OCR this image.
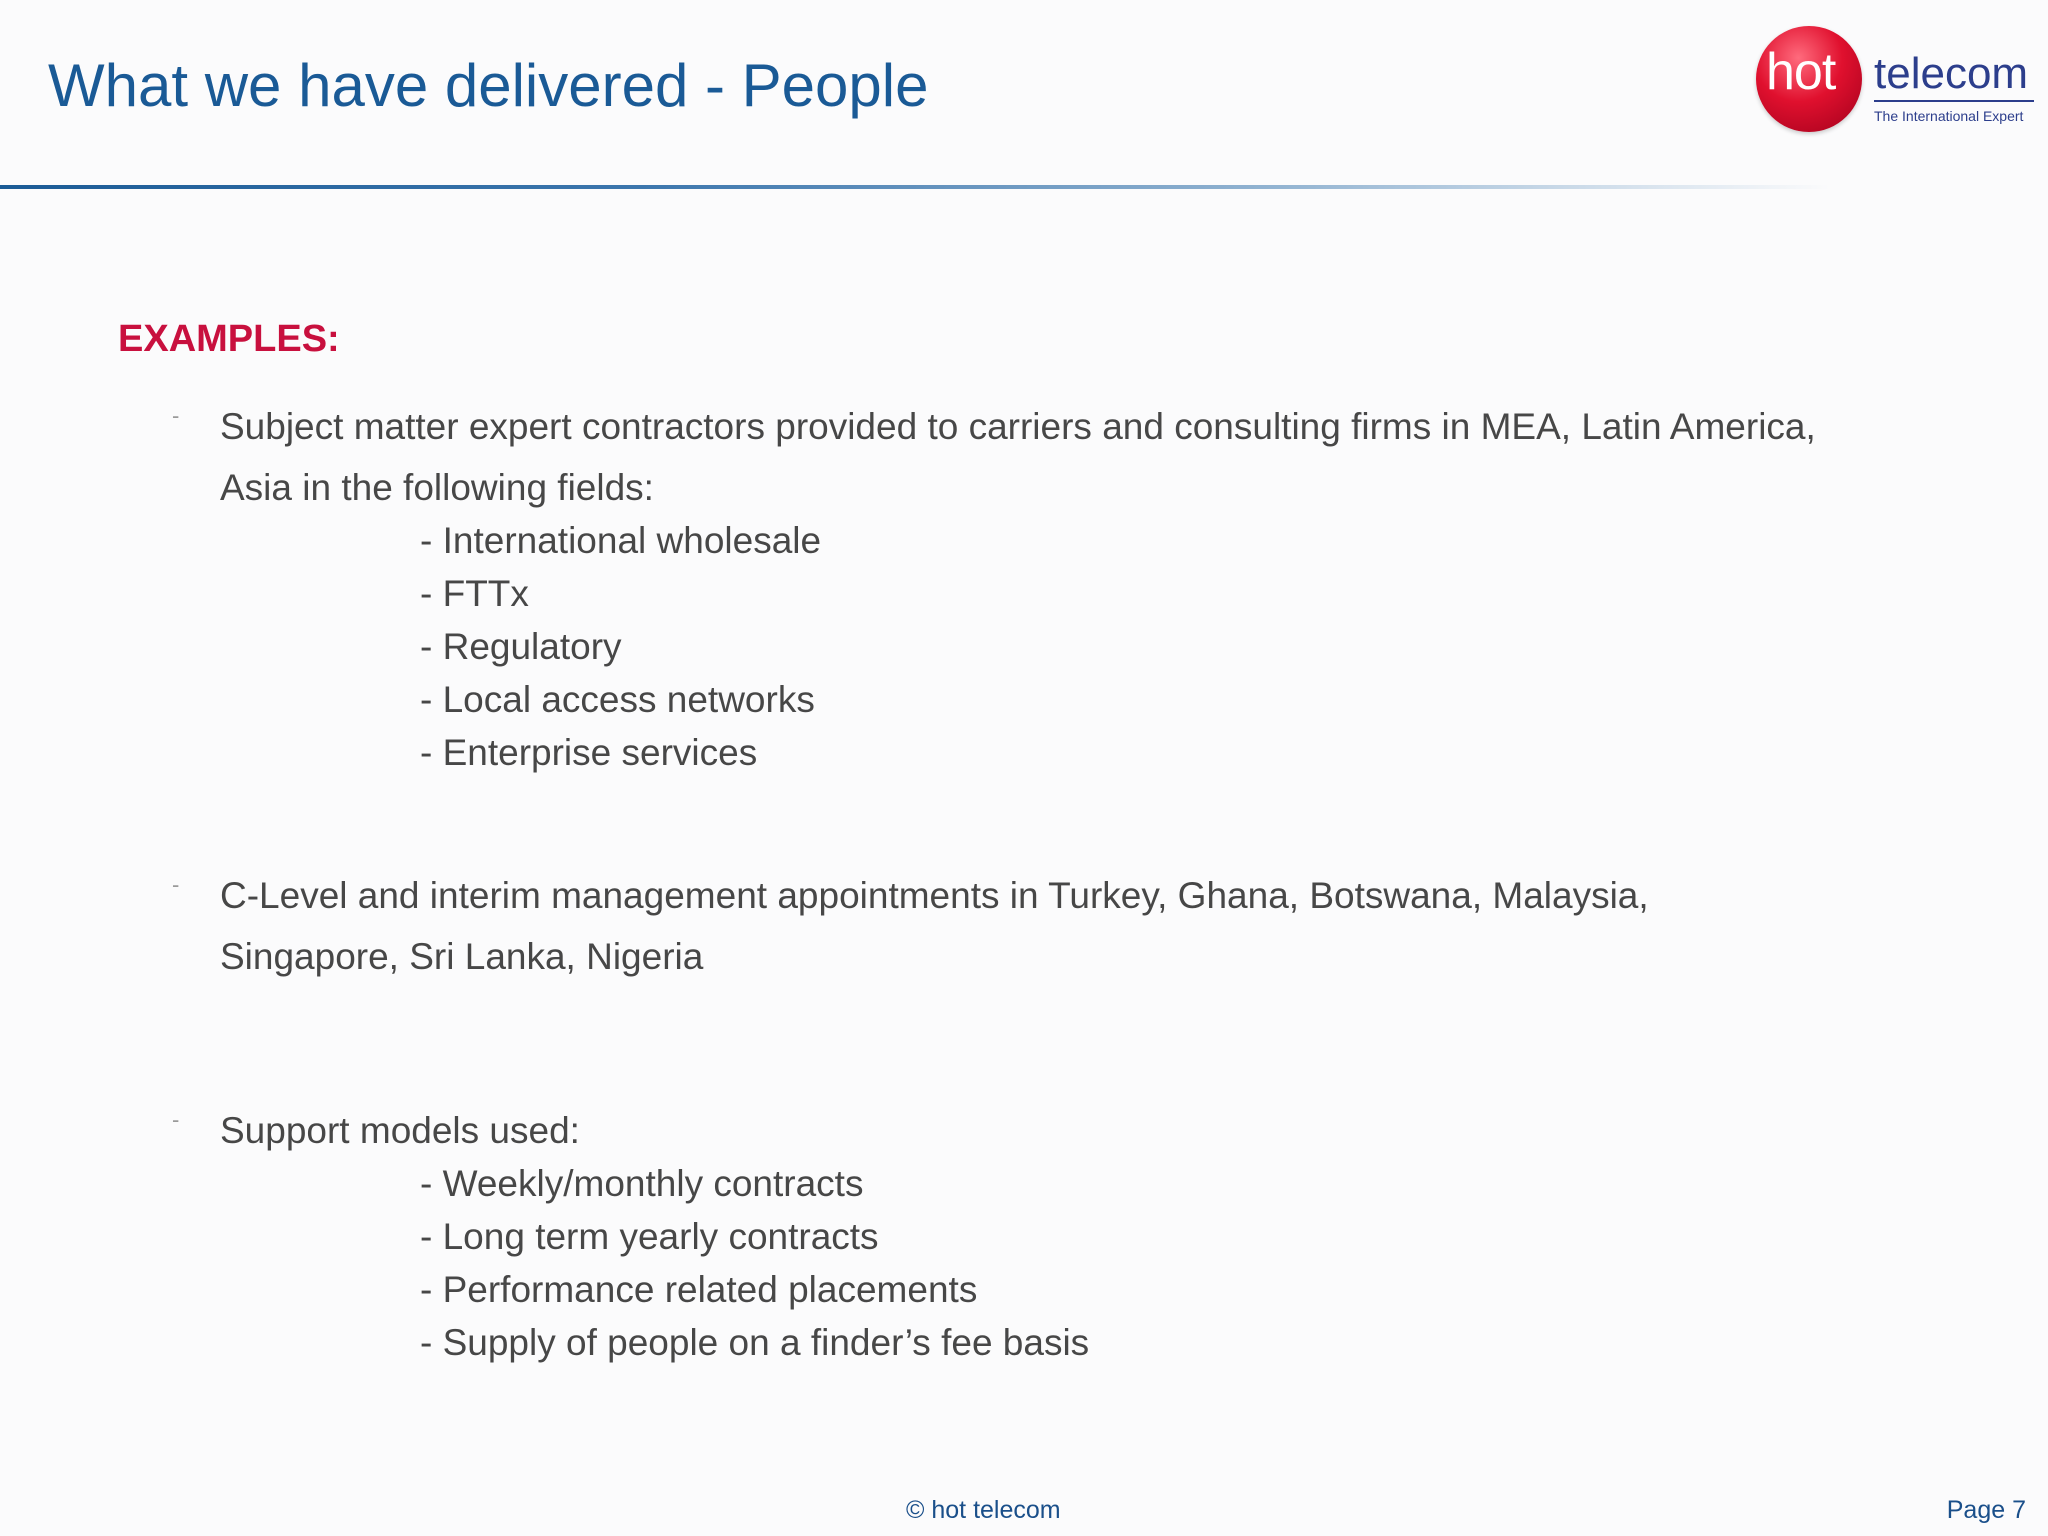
What we have delivered - People	hot telecom
The International Expert
EXAMPLES:
- Subject matter expert contractors provided to carriers and consulting firms in MEA, Latin America, Asia in the following fields:
- International wholesale
- FTTx
- Regulatory
- Local access networks
- Enterprise services
- C-Level and interim management appointments in Turkey, Ghana, Botswana, Malaysia, Singapore, Sri Lanka, Nigeria
- Support models used:
- Weekly/monthly contracts
- Long term yearly contracts
- Performance related placements
- Supply of people on a finder’s fee basis
© hot telecom	Page 7
